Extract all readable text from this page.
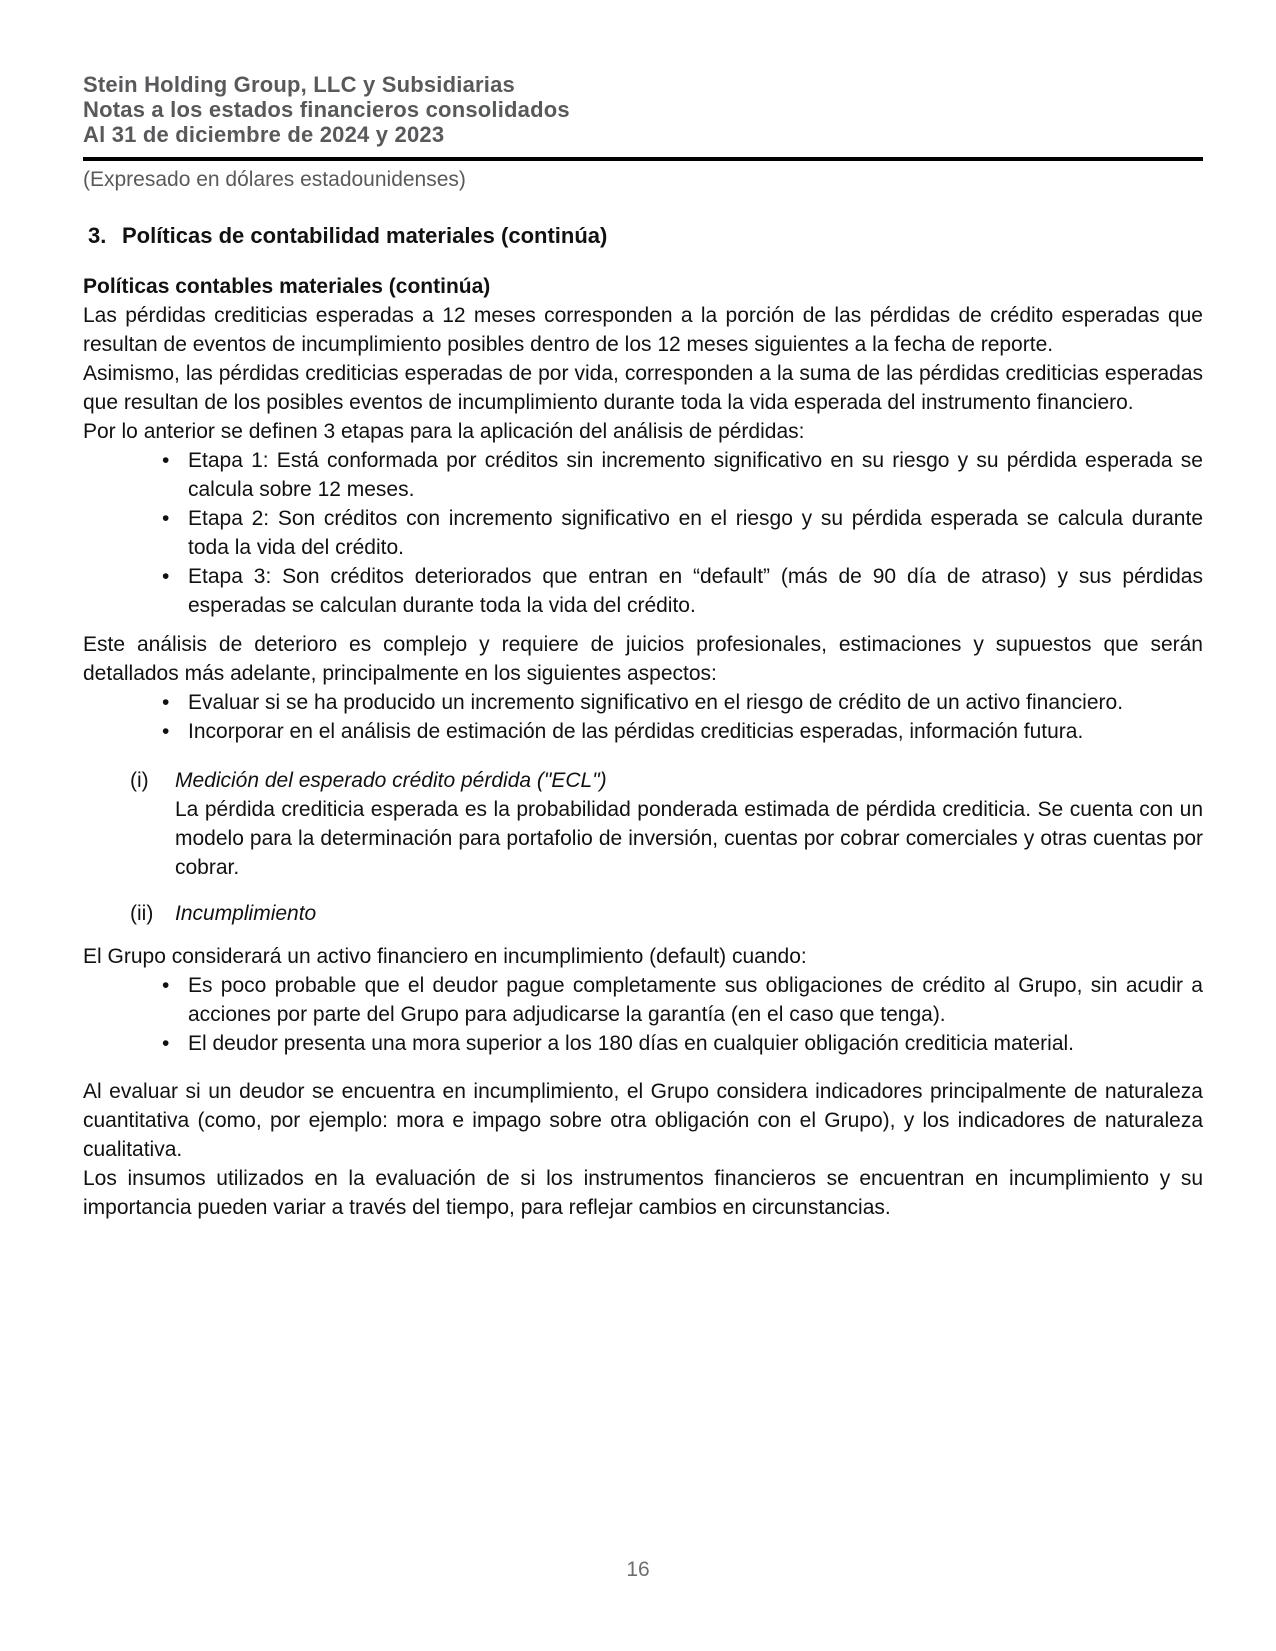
Stein Holding Group, LLC y Subsidiarias
Notas a los estados financieros consolidados
Al 31 de diciembre de 2024 y 2023
(Expresado en dólares estadounidenses)
3. Políticas de contabilidad materiales (continúa)

Políticas contables materiales (continúa)

Las pérdidas crediticias esperadas a 12 meses corresponden a la porción de las pérdidas de crédito esperadas que resultan de eventos de incumplimiento posibles dentro de los 12 meses siguientes a la fecha de reporte.

Asimismo, las pérdidas crediticias esperadas de por vida, corresponden a la suma de las pérdidas crediticias esperadas que resultan de los posibles eventos de incumplimiento durante toda la vida esperada del instrumento financiero.

Por lo anterior se definen 3 etapas para la aplicación del análisis de pérdidas:

• Etapa 1: Está conformada por créditos sin incremento significativo en su riesgo y su pérdida esperada se calcula sobre 12 meses.
• Etapa 2: Son créditos con incremento significativo en el riesgo y su pérdida esperada se calcula durante toda la vida del crédito.
• Etapa 3: Son créditos deteriorados que entran en “default” (más de 90 día de atraso) y sus pérdidas esperadas se calculan durante toda la vida del crédito.

Este análisis de deterioro es complejo y requiere de juicios profesionales, estimaciones y supuestos que serán detallados más adelante, principalmente en los siguientes aspectos:

• Evaluar si se ha producido un incremento significativo en el riesgo de crédito de un activo financiero.
• Incorporar en el análisis de estimación de las pérdidas crediticias esperadas, información futura.
(i)	Medición del esperado crédito pérdida ("ECL")

La pérdida crediticia esperada es la probabilidad ponderada estimada de pérdida crediticia. Se cuenta con un modelo para la determinación para portafolio de inversión, cuentas por cobrar comerciales y otras cuentas por cobrar.

(ii)	Incumplimiento

El Grupo considerará un activo financiero en incumplimiento (default) cuando:

• Es poco probable que el deudor pague completamente sus obligaciones de crédito al Grupo, sin acudir a acciones por parte del Grupo para adjudicarse la garantía (en el caso que tenga).
• El deudor presenta una mora superior a los 180 días en cualquier obligación crediticia material.

Al evaluar si un deudor se encuentra en incumplimiento, el Grupo considera indicadores principalmente de naturaleza cuantitativa (como, por ejemplo: mora e impago sobre otra obligación con el Grupo), y los indicadores de naturaleza cualitativa.

Los insumos utilizados en la evaluación de si los instrumentos financieros se encuentran en incumplimiento y su importancia pueden variar a través del tiempo, para reflejar cambios en circunstancias.

16
